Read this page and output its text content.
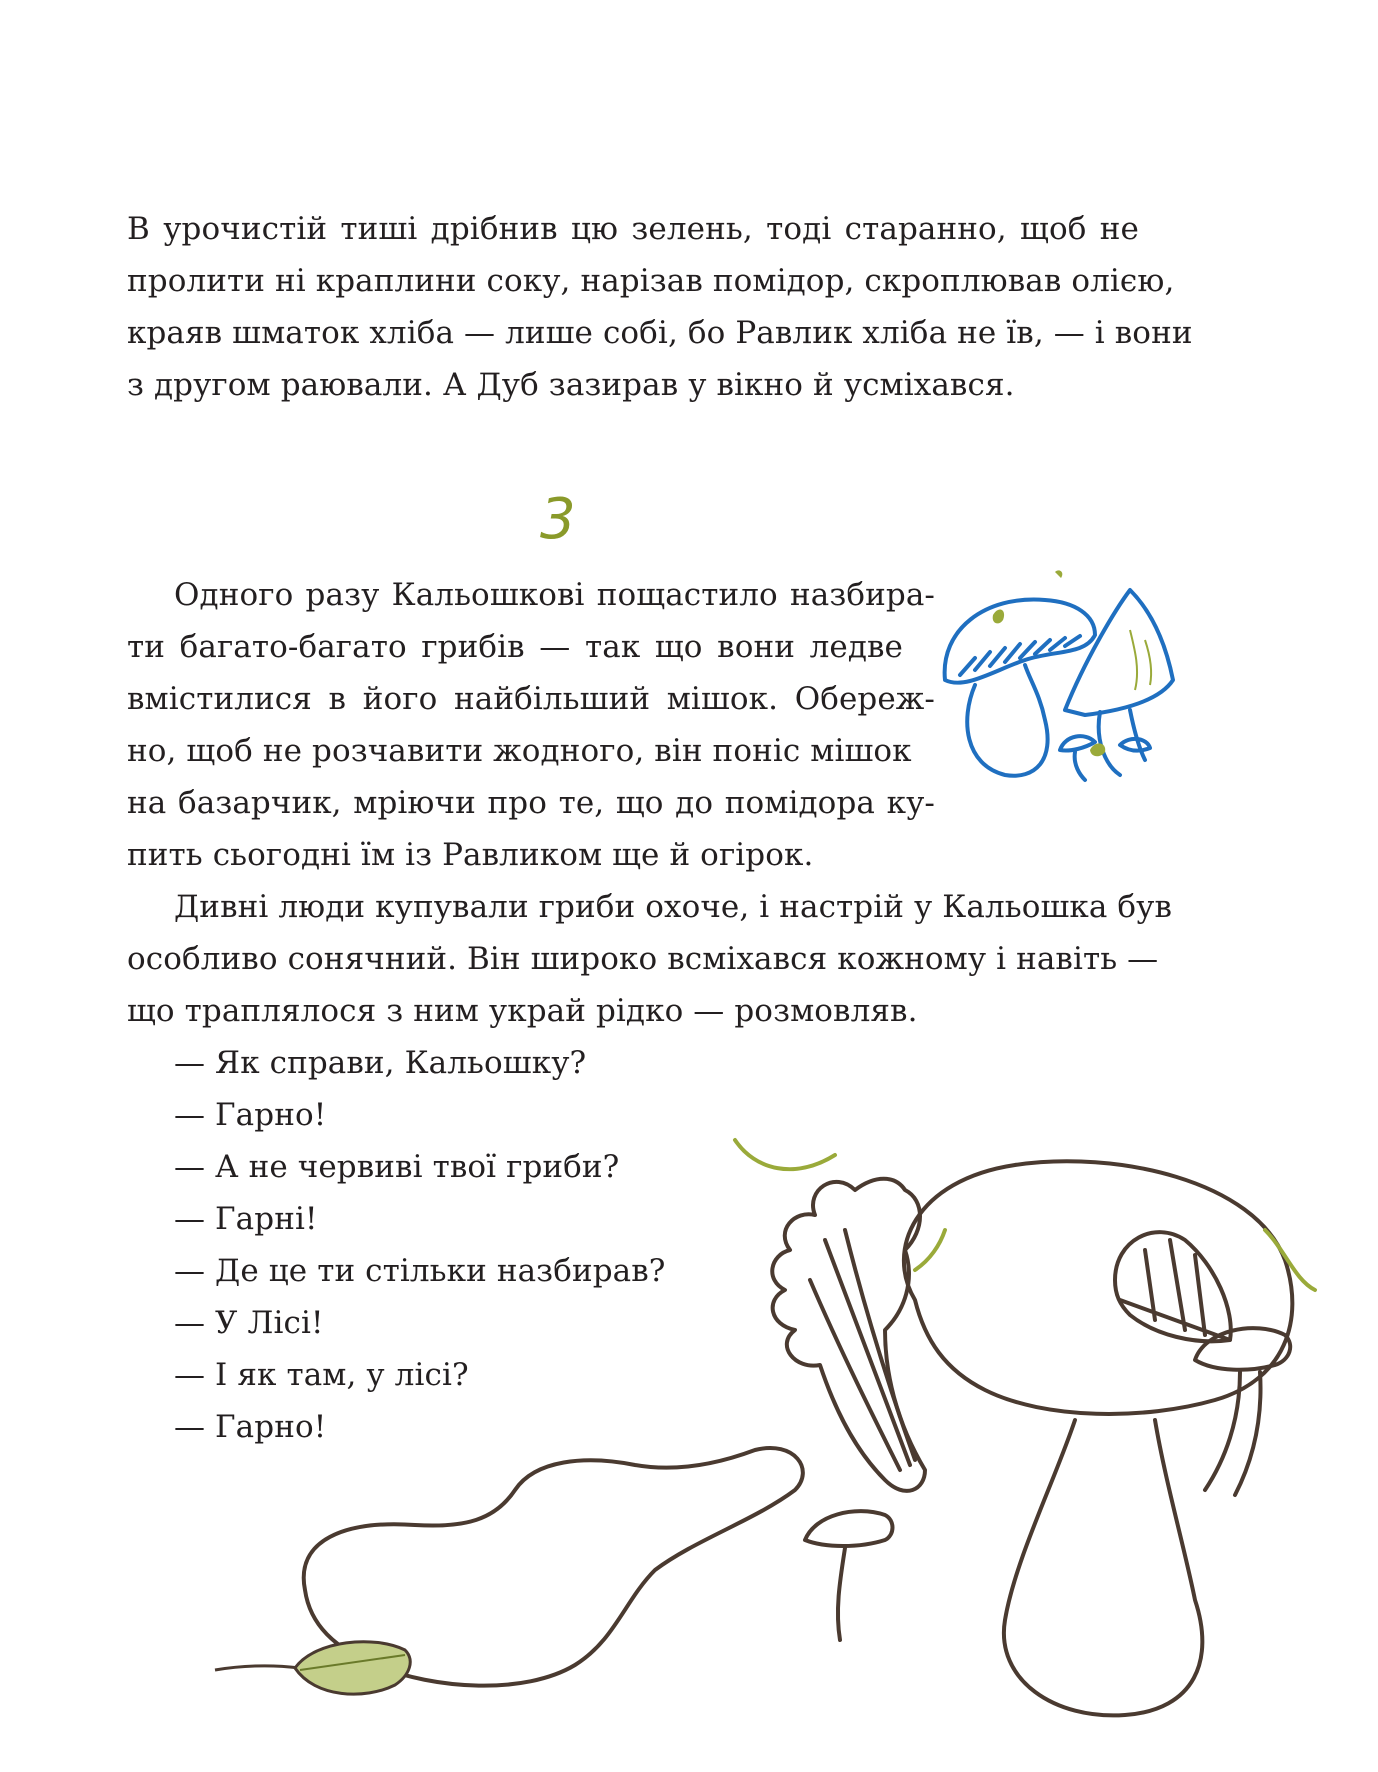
В урочистій тиші дрібнив цю зелень, тоді старанно, щоб не
пролити ні краплини соку, нарізав помідор, скроплював олією,
краяв шматок хліба — лише собі, бо Равлик хліба не їв, — і вони
з другом раювали. А Дуб зазирав у вікно й усміхався.
3
Одного разу Кальошкові пощастило назбира-
ти багато-багато грибів — так що вони ледве
вмістилися в його найбільший мішок. Обереж-
но, щоб не розчавити жодного, він поніс мішок
на базарчик, мріючи про те, що до помідора ку-
пить сьогодні їм із Равликом ще й огірок.
Дивні люди купували гриби охоче, і настрій у Кальошка був
особливо сонячний. Він широко всміхався кожному і навіть —
що траплялося з ним украй рідко — розмовляв.
— Як справи, Кальошку?
— Гарно!
— А не червиві твої гриби?
— Гарні!
— Де це ти стільки назбирав?
— У Лісі!
— І як там, у лісі?
— Гарно!
